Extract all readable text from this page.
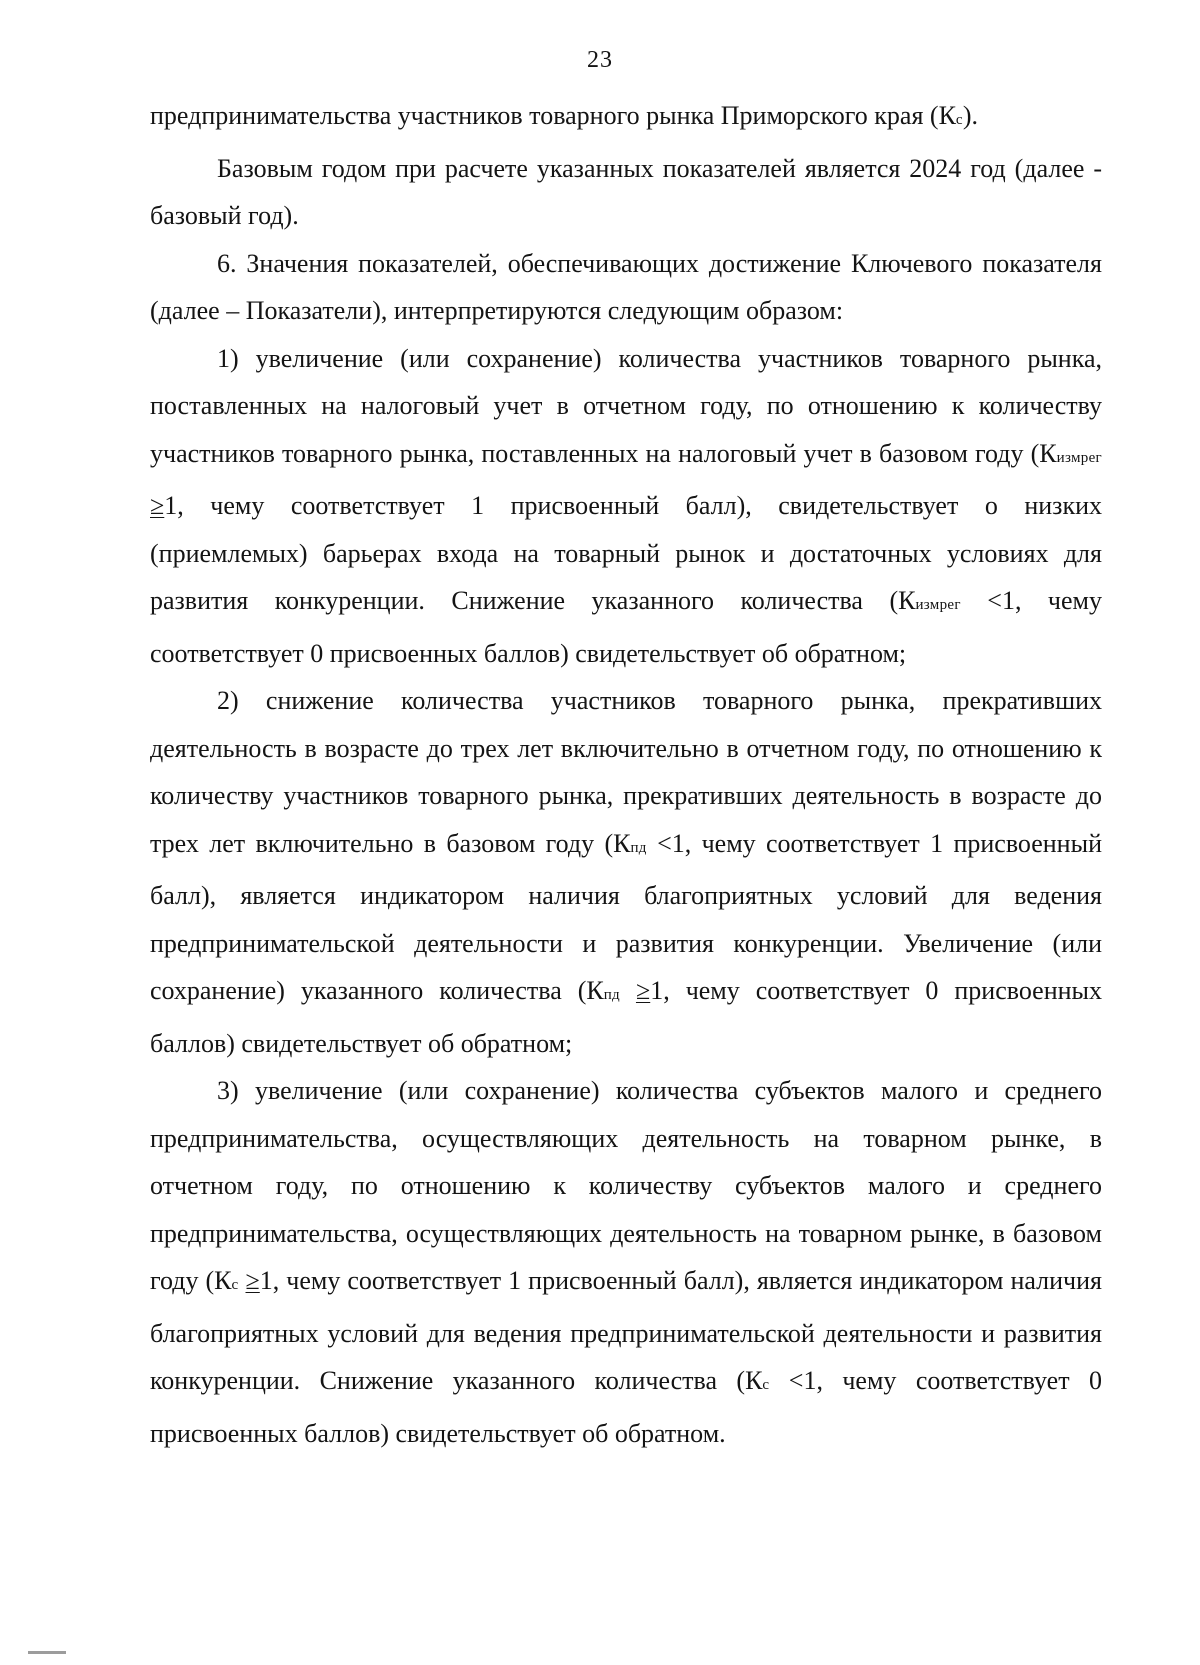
23

предпринимательства участников товарного рынка Приморского края (Кс).

Базовым годом при расчете указанных показателей является 2024 год (далее - базовый год).

6. Значения показателей, обеспечивающих достижение Ключевого показателя (далее – Показатели), интерпретируются следующим образом:

1) увеличение (или сохранение) количества участников товарного рынка, поставленных на налоговый учет в отчетном году, по отношению к количеству участников товарного рынка, поставленных на налоговый учет в базовом году (Кизмрег ≥1, чему соответствует 1 присвоенный балл), свидетельствует о низких (приемлемых) барьерах входа на товарный рынок и достаточных условиях для развития конкуренции. Снижение указанного количества (Кизмрег <1, чему соответствует 0 присвоенных баллов) свидетельствует об обратном;

2) снижение количества участников товарного рынка, прекративших деятельность в возрасте до трех лет включительно в отчетном году, по отношению к количеству участников товарного рынка, прекративших деятельность в возрасте до трех лет включительно в базовом году (Кпд <1, чему соответствует 1 присвоенный балл), является индикатором наличия благоприятных условий для ведения предпринимательской деятельности и развития конкуренции. Увеличение (или сохранение) указанного количества (Кпд ≥1, чему соответствует 0 присвоенных баллов) свидетельствует об обратном;

3) увеличение (или сохранение) количества субъектов малого и среднего предпринимательства, осуществляющих деятельность на товарном рынке, в отчетном году, по отношению к количеству субъектов малого и среднего предпринимательства, осуществляющих деятельность на товарном рынке, в базовом году (Кс ≥1, чему соответствует 1 присвоенный балл), является индикатором наличия благоприятных условий для ведения предпринимательской деятельности и развития конкуренции. Снижение указанного количества (Кс <1, чему соответствует 0 присвоенных баллов) свидетельствует об обратном.
